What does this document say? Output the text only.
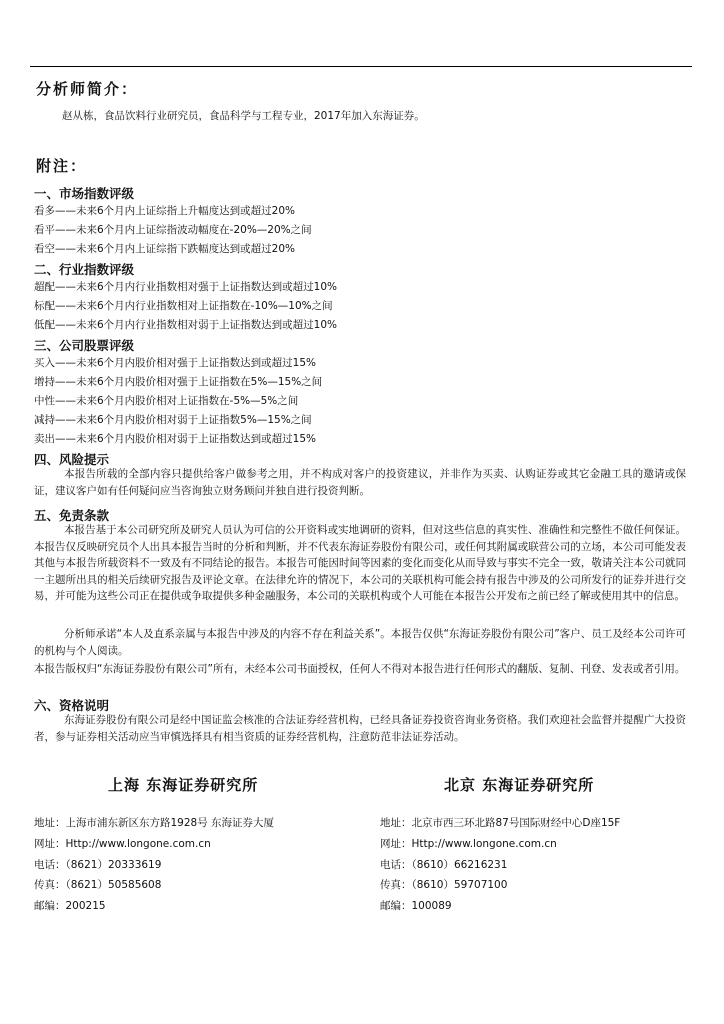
分析师简介：
赵从栋，食品饮料行业研究员，食品科学与工程专业，2017年加入东海证券。
附注：
一、市场指数评级
看多——未来6个月内上证综指上升幅度达到或超过20%
看平——未来6个月内上证综指波动幅度在-20%—20%之间
看空——未来6个月内上证综指下跌幅度达到或超过20%
二、行业指数评级
超配——未来6个月内行业指数相对强于上证指数达到或超过10%
标配——未来6个月内行业指数相对上证指数在-10%—10%之间
低配——未来6个月内行业指数相对弱于上证指数达到或超过10%
三、公司股票评级
买入——未来6个月内股价相对强于上证指数达到或超过15%
增持——未来6个月内股价相对强于上证指数在5%—15%之间
中性——未来6个月内股价相对上证指数在-5%—5%之间
减持——未来6个月内股价相对弱于上证指数5%—15%之间
卖出——未来6个月内股价相对弱于上证指数达到或超过15%
四、风险提示
本报告所载的全部内容只提供给客户做参考之用，并不构成对客户的投资建议，并非作为买卖、认购证券或其它金融工具的邀请或保证，建议客户如有任何疑问应当咨询独立财务顾问并独自进行投资判断。
五、免责条款
本报告基于本公司研究所及研究人员认为可信的公开资料或实地调研的资料，但对这些信息的真实性、准确性和完整性不做任何保证。本报告仅反映研究员个人出具本报告当时的分析和判断，并不代表东海证券股份有限公司，或任何其附属或联营公司的立场，本公司可能发表其他与本报告所载资料不一致及有不同结论的报告。本报告可能因时间等因素的变化而变化从而导致与事实不完全一致，敬请关注本公司就同一主题所出具的相关后续研究报告及评论文章。在法律允许的情况下，本公司的关联机构可能会持有报告中涉及的公司所发行的证券并进行交易，并可能为这些公司正在提供或争取提供多种金融服务，本公司的关联机构或个人可能在本报告公开发布之前已经了解或使用其中的信息。
分析师承诺“本人及直系亲属与本报告中涉及的内容不存在利益关系”。本报告仅供“东海证券股份有限公司”客户、员工及经本公司许可的机构与个人阅读。
本报告版权归“东海证券股份有限公司”所有，未经本公司书面授权，任何人不得对本报告进行任何形式的翻版、复制、刊登、发表或者引用。
六、资格说明
东海证券股份有限公司是经中国证监会核准的合法证券经营机构，已经具备证券投资咨询业务资格。我们欢迎社会监督并提醒广大投资者，参与证券相关活动应当审慎选择具有相当资质的证券经营机构，注意防范非法证券活动。
上海 东海证券研究所	北京 东海证券研究所
地址：上海市浦东新区东方路1928号 东海证券大厦
网址：Http://www.longone.com.cn
电话：（8621）20333619
传真：（8621）50585608
邮编：200215
地址：北京市西三环北路87号国际财经中心D座15F
网址：Http://www.longone.com.cn
电话：（8610）66216231
传真：（8610）59707100
邮编：100089
